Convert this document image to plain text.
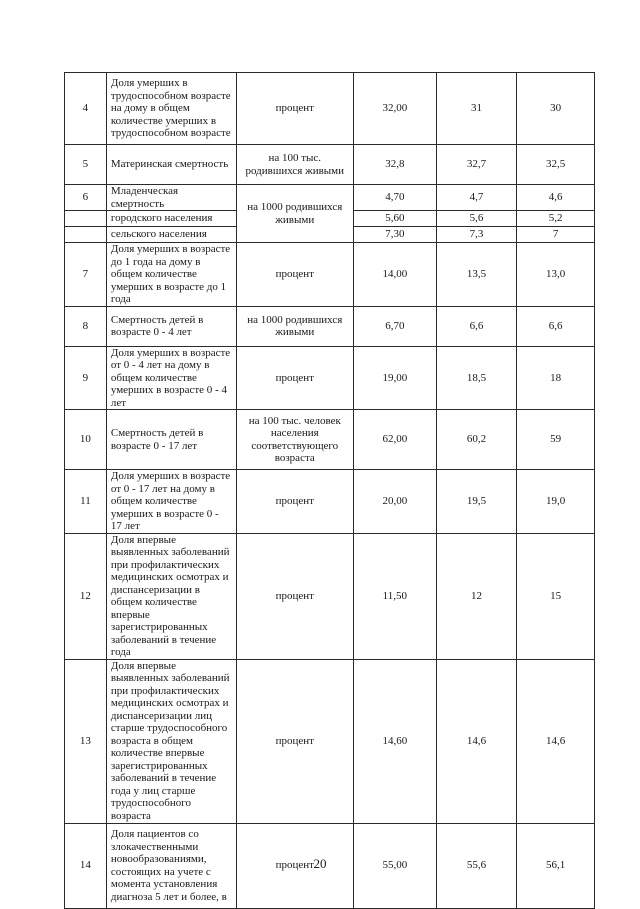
4	Доля умерших в трудоспособном возрасте на дому в общем количестве умерших в трудоспособном возрасте	процент	32,00	31	30
5	Материнская смертность	на 100 тыс. родившихся живыми	32,8	32,7	32,5
6	Младенческая смертность	на 1000 родившихся живыми	4,70	4,7	4,6
	городского населения		5,60	5,6	5,2
	сельского населения		7,30	7,3	7
7	Доля умерших в возрасте до 1 года на дому в общем количестве умерших в возрасте до 1 года	процент	14,00	13,5	13,0
8	Смертность детей в возрасте 0 - 4 лет	на 1000 родившихся живыми	6,70	6,6	6,6
9	Доля умерших в возрасте от 0 - 4 лет на дому в общем количестве умерших в возрасте 0 - 4 лет	процент	19,00	18,5	18
10	Смертность детей в возрасте 0 - 17 лет	на 100 тыс. человек населения соответствующего возраста	62,00	60,2	59
11	Доля умерших в возрасте от 0 - 17 лет на дому в общем количестве умерших в возрасте 0 - 17 лет	процент	20,00	19,5	19,0
12	Доля впервые выявленных заболеваний при профилактических медицинских осмотрах и диспансеризации в общем количестве впервые зарегистрированных заболеваний в течение года	процент	11,50	12	15
13	Доля впервые выявленных заболеваний при профилактических медицинских осмотрах и диспансеризации лиц старше трудоспособного возраста в общем количестве впервые зарегистрированных заболеваний в течение года у лиц старше трудоспособного возраста	процент	14,60	14,6	14,6
14	Доля пациентов со злокачественными новообразованиями, состоящих на учете с момента установления диагноза 5 лет и более, в	процент	55,00	55,6	56,1
20
